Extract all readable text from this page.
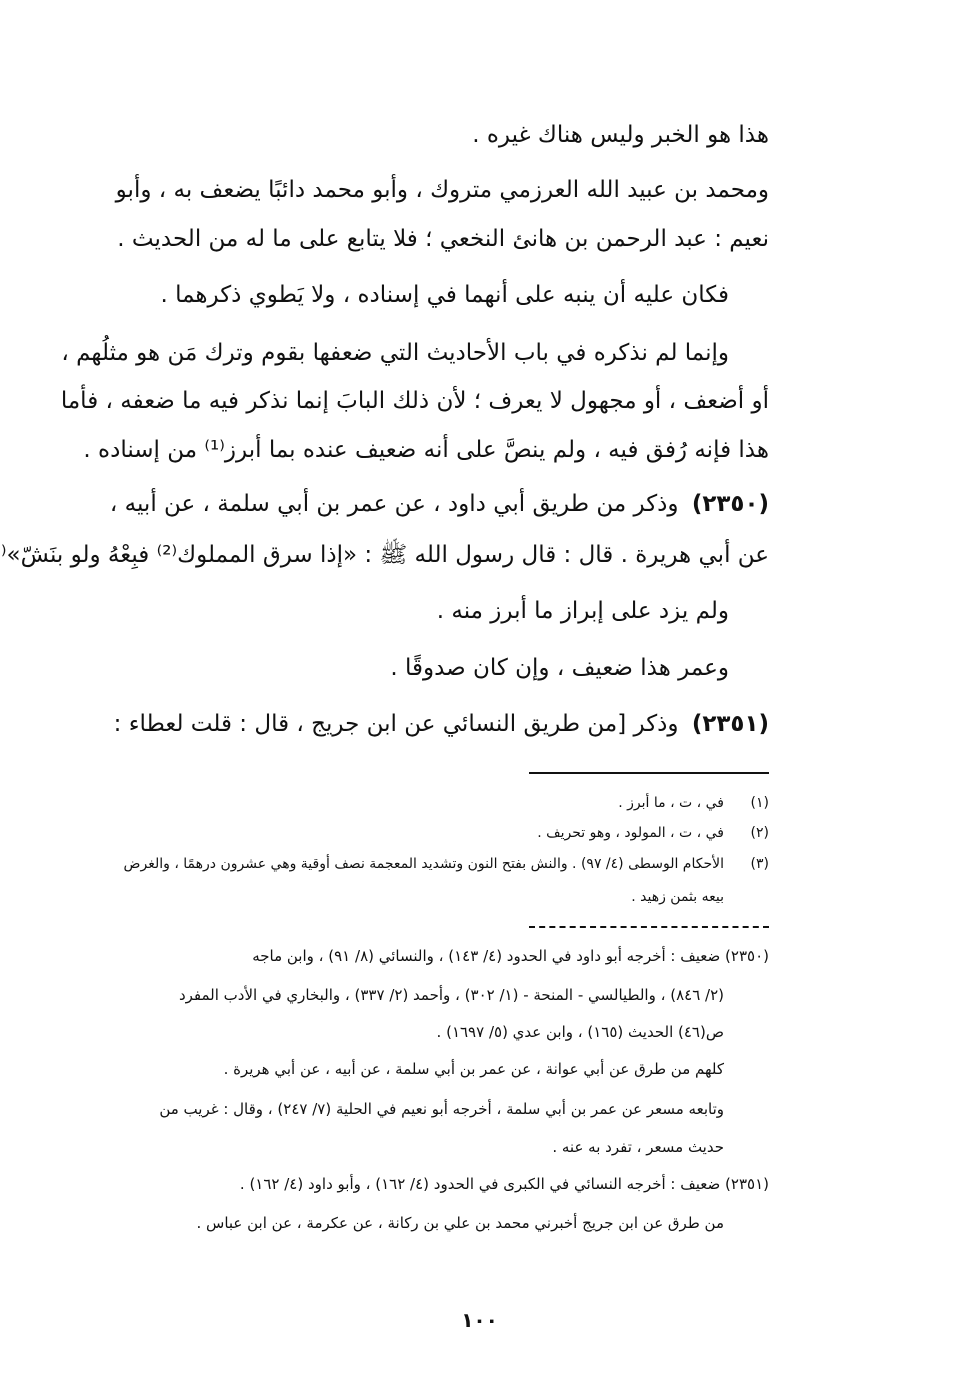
هذا هو الخبر وليس هناك غيره .
ومحمد بن عبيد الله العرزمي متروك ، وأبو محمد دائبًا يضعف به ، وأبو
نعيم : عبد الرحمن بن هانئ النخعي ؛ فلا يتابع على ما له من الحديث .
فكان عليه أن ينبه على أنهما في إسناده ، ولا يَطوي ذكرهما .
وإنما لم نذكره في باب الأحاديث التي ضعفها بقوم وترك مَن هو مثلُهم ،
أو أضعف ، أو مجهول لا يعرف ؛ لأن ذلك البابَ إنما نذكر فيه ما ضعفه ، فأما
هذا فإنه رُفق فيه ، ولم ينصَّ على أنه ضعيف عنده بما أبرز⁽¹⁾ من إسناده .
(٢٣٥٠) وذكر من طريق أبي داود ، عن عمر بن أبي سلمة ، عن أبيه ،
عن أبي هريرة . قال : قال رسول الله ﷺ : «إذا سرق المملوك⁽²⁾ فبِعْهُ ولو بنَشّ»⁽
ولم يزد على إبراز ما أبرز منه .
وعمر هذا ضعيف ، وإن كان صدوقًا .
(٢٣٥١) وذكر [من طريق النسائي عن ابن جريج ، قال : قلت لعطاء :
(١)
في ، ت ، ما أبرز .
(٢)
في ، ت ، المولود ، وهو تحريف .
(٣)
الأحكام الوسطى (٤/ ٩٧) . والنش بفتح النون وتشديد المعجمة نصف أوقية وهي عشرون درهمًا ، والغرض
بيعه بثمن زهيد .
(٢٣٥٠) ضعيف : أخرجه أبو داود في الحدود (٤/ ١٤٣) ، والنسائي (٨/ ٩١) ، وابن ماجه
(٢/ ٨٤٦) ، والطيالسي - المنحة - (١/ ٣٠٢) ، وأحمد (٢/ ٣٣٧) ، والبخاري في الأدب المفرد
ص(٤٦) الحديث (١٦٥) ، وابن عدي (٥/ ١٦٩٧) .
كلهم من طرق عن أبي عوانة ، عن عمر بن أبي سلمة ، عن أبيه ، عن أبي هريرة .
وتابعه مسعر عن عمر بن أبي سلمة ، أخرجه أبو نعيم في الحلية (٧/ ٢٤٧) ، وقال : غريب من
حديث مسعر ، تفرد به عنه .
(٢٣٥١) ضعيف : أخرجه النسائي في الكبرى في الحدود (٤/ ١٦٢) ، وأبو داود (٤/ ١٦٢) .
من طرق عن ابن جريج أخبرني محمد بن علي بن ركانة ، عن عكرمة ، عن ابن عباس .
١٠٠
